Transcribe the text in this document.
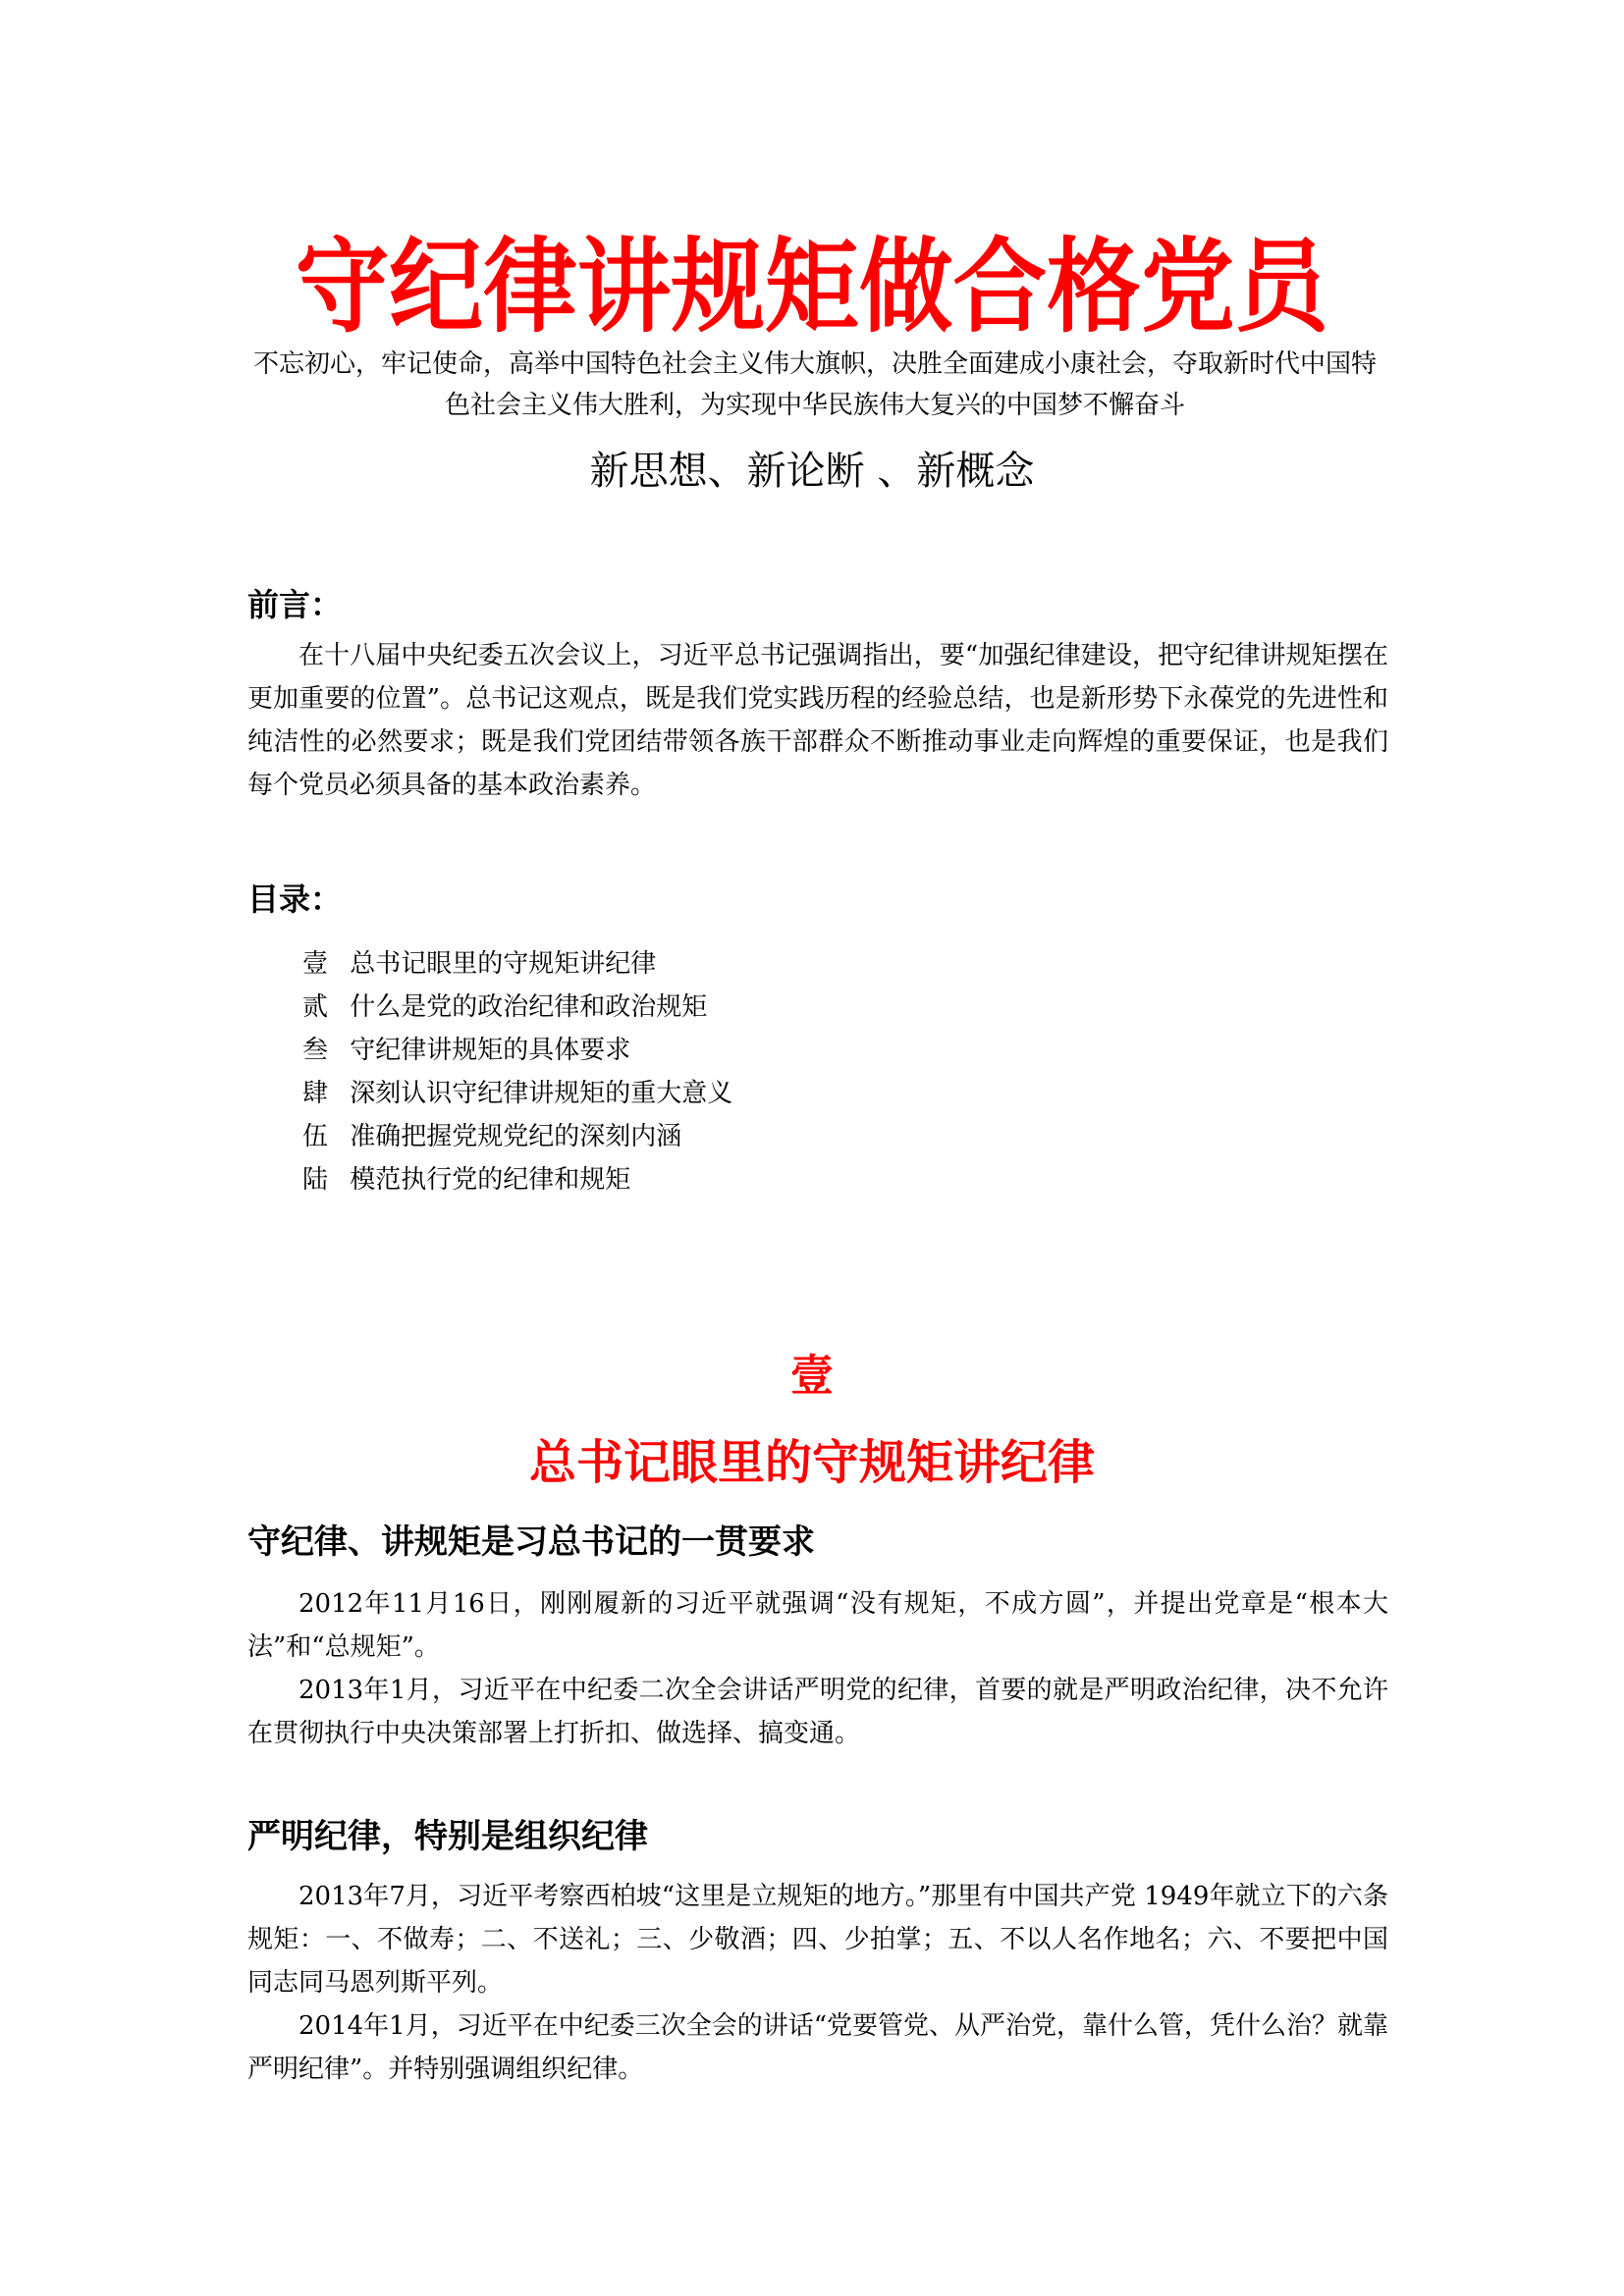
守纪律讲规矩做合格党员
不忘初心，牢记使命，高举中国特色社会主义伟大旗帜，决胜全面建成小康社会，夺取新时代中国特色社会主义伟大胜利，为实现中华民族伟大复兴的中国梦不懈奋斗
新思想、新论断 、新概念
前言：
在十八届中央纪委五次会议上，习近平总书记强调指出，要“加强纪律建设，把守纪律讲规矩摆在更加重要的位置”。总书记这观点，既是我们党实践历程的经验总结，也是新形势下永葆党的先进性和纯洁性的必然要求；既是我们党团结带领各族干部群众不断推动事业走向辉煌的重要保证，也是我们每个党员必须具备的基本政治素养。
目录：
壹 总书记眼里的守规矩讲纪律
贰 什么是党的政治纪律和政治规矩
叁 守纪律讲规矩的具体要求
肆 深刻认识守纪律讲规矩的重大意义
伍 准确把握党规党纪的深刻内涵
陆 模范执行党的纪律和规矩
壹
总书记眼里的守规矩讲纪律
守纪律、讲规矩是习总书记的一贯要求
2012年11月16日，刚刚履新的习近平就强调“没有规矩，不成方圆”，并提出党章是“根本大法”和“总规矩”。
2013年1月，习近平在中纪委二次全会讲话严明党的纪律，首要的就是严明政治纪律，决不允许在贯彻执行中央决策部署上打折扣、做选择、搞变通。
严明纪律，特别是组织纪律
2013年7月，习近平考察西柏坡“这里是立规矩的地方。”那里有中国共产党 1949年就立下的六条规矩：一、不做寿；二、不送礼；三、少敬酒；四、少拍掌；五、不以人名作地名；六、不要把中国同志同马恩列斯平列。
2014年1月，习近平在中纪委三次全会的讲话“党要管党、从严治党，靠什么管，凭什么治？就靠严明纪律”。并特别强调组织纪律。
